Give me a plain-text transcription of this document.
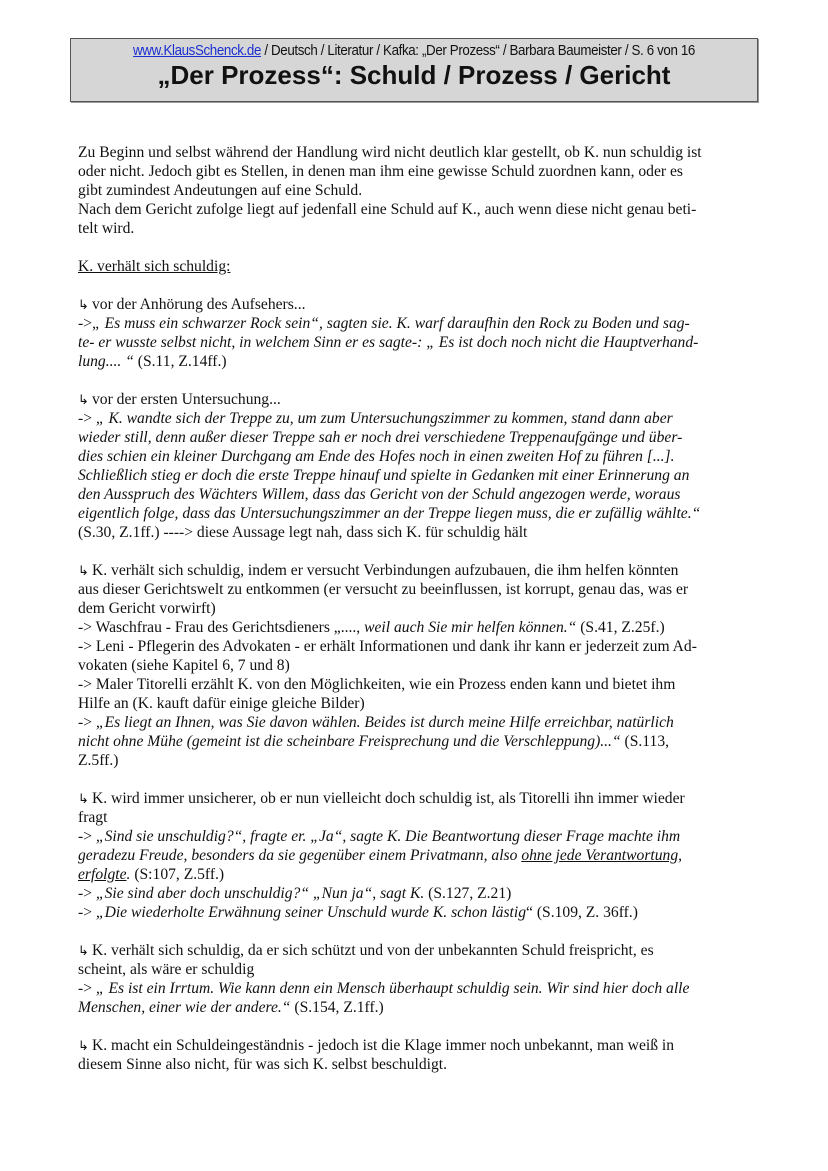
www.KlausSchenck.de / Deutsch / Literatur / Kafka: „Der Prozess“ / Barbara Baumeister / S. 6 von 16
„Der Prozess“: Schuld / Prozess / Gericht
Zu Beginn und selbst während der Handlung wird nicht deutlich klar gestellt, ob K. nun schuldig ist
oder nicht. Jedoch gibt es Stellen, in denen man ihm eine gewisse Schuld zuordnen kann, oder es
gibt zumindest Andeutungen auf eine Schuld.
Nach dem Gericht zufolge liegt auf jedenfall eine Schuld auf K., auch wenn diese nicht genau beti-
telt wird.
K. verhält sich schuldig:
↳ vor der Anhörung des Aufsehers...
->„ Es muss ein schwarzer Rock sein“, sagten sie. K. warf daraufhin den Rock zu Boden und sag-
te- er wusste selbst nicht, in welchem Sinn er es sagte-: „ Es ist doch noch nicht die Hauptverhand-
lung.... “ (S.11, Z.14ff.)
↳ vor der ersten Untersuchung...
-> „ K. wandte sich der Treppe zu, um zum Untersuchungszimmer zu kommen, stand dann aber
wieder still, denn außer dieser Treppe sah er noch drei verschiedene Treppenaufgänge und über-
dies schien ein kleiner Durchgang am Ende des Hofes noch in einen zweiten Hof zu führen [...].
Schließlich stieg er doch die erste Treppe hinauf und spielte in Gedanken mit einer Erinnerung an
den Ausspruch des Wächters Willem, dass das Gericht von der Schuld angezogen werde, woraus
eigentlich folge, dass das Untersuchungszimmer an der Treppe liegen muss, die er zufällig wählte.“
(S.30, Z.1ff.) ----> diese Aussage legt nah, dass sich K. für schuldig hält
↳ K. verhält sich schuldig, indem er versucht Verbindungen aufzubauen, die ihm helfen könnten
aus dieser Gerichtswelt zu entkommen (er versucht zu beeinflussen, ist korrupt, genau das, was er
dem Gericht vorwirft)
-> Waschfrau - Frau des Gerichtsdieners „...., weil auch Sie mir helfen können.“ (S.41, Z.25f.)
-> Leni - Pflegerin des Advokaten - er erhält Informationen und dank ihr kann er jederzeit zum Ad-
vokaten (siehe Kapitel 6, 7 und 8)
-> Maler Titorelli erzählt K. von den Möglichkeiten, wie ein Prozess enden kann und bietet ihm
Hilfe an (K. kauft dafür einige gleiche Bilder)
-> „Es liegt an Ihnen, was Sie davon wählen. Beides ist durch meine Hilfe erreichbar, natürlich
nicht ohne Mühe (gemeint ist die scheinbare Freisprechung und die Verschleppung)...“ (S.113,
Z.5ff.)
↳ K. wird immer unsicherer, ob er nun vielleicht doch schuldig ist, als Titorelli ihn immer wieder
fragt
-> „Sind sie unschuldig?“, fragte er. „Ja“, sagte K. Die Beantwortung dieser Frage machte ihm
geradezu Freude, besonders da sie gegenüber einem Privatmann, also ohne jede Verantwortung,
erfolgte. (S:107, Z.5ff.)
-> „Sie sind aber doch unschuldig?“ „Nun ja“, sagt K. (S.127, Z.21)
-> „Die wiederholte Erwähnung seiner Unschuld wurde K. schon lästig“ (S.109, Z. 36ff.)
↳ K. verhält sich schuldig, da er sich schützt und von der unbekannten Schuld freispricht, es
scheint, als wäre er schuldig
-> „ Es ist ein Irrtum. Wie kann denn ein Mensch überhaupt schuldig sein. Wir sind hier doch alle
Menschen, einer wie der andere.“ (S.154, Z.1ff.)
↳ K. macht ein Schuldeingeständnis - jedoch ist die Klage immer noch unbekannt, man weiß in
diesem Sinne also nicht, für was sich K. selbst beschuldigt.
